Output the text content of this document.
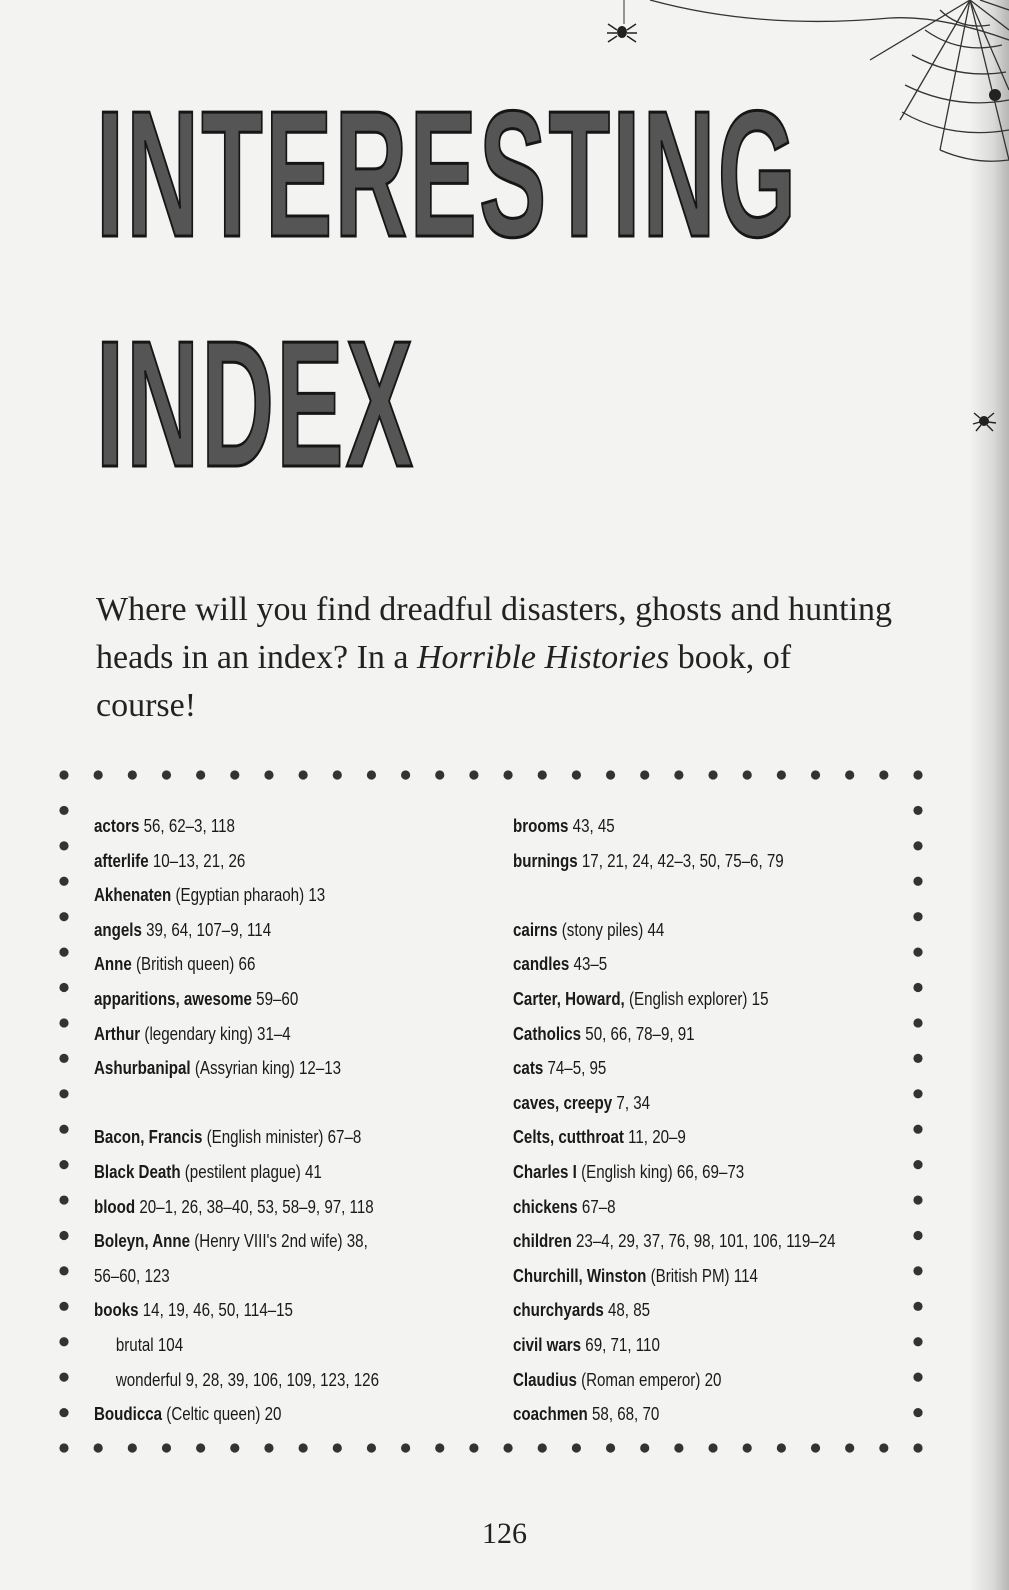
INTERESTING
INDEX
Where will you find dreadful disasters, ghosts and hunting heads in an index? In a Horrible Histories book, of course!
actors 56, 62–3, 118
afterlife 10–13, 21, 26
Akhenaten (Egyptian pharaoh) 13
angels 39, 64, 107–9, 114
Anne (British queen) 66
apparitions, awesome 59–60
Arthur (legendary king) 31–4
Ashurbanipal (Assyrian king) 12–13
Bacon, Francis (English minister) 67–8
Black Death (pestilent plague) 41
blood 20–1, 26, 38–40, 53, 58–9, 97, 118
Boleyn, Anne (Henry VIII's 2nd wife) 38,
56–60, 123
books 14, 19, 46, 50, 114–15
brutal 104
wonderful 9, 28, 39, 106, 109, 123, 126
Boudicca (Celtic queen) 20
brooms 43, 45
burnings 17, 21, 24, 42–3, 50, 75–6, 79
cairns (stony piles) 44
candles 43–5
Carter, Howard, (English explorer) 15
Catholics 50, 66, 78–9, 91
cats 74–5, 95
caves, creepy 7, 34
Celts, cutthroat 11, 20–9
Charles I (English king) 66, 69–73
chickens 67–8
children 23–4, 29, 37, 76, 98, 101, 106, 119–24
Churchill, Winston (British PM) 114
churchyards 48, 85
civil wars 69, 71, 110
Claudius (Roman emperor) 20
coachmen 58, 68, 70
126
